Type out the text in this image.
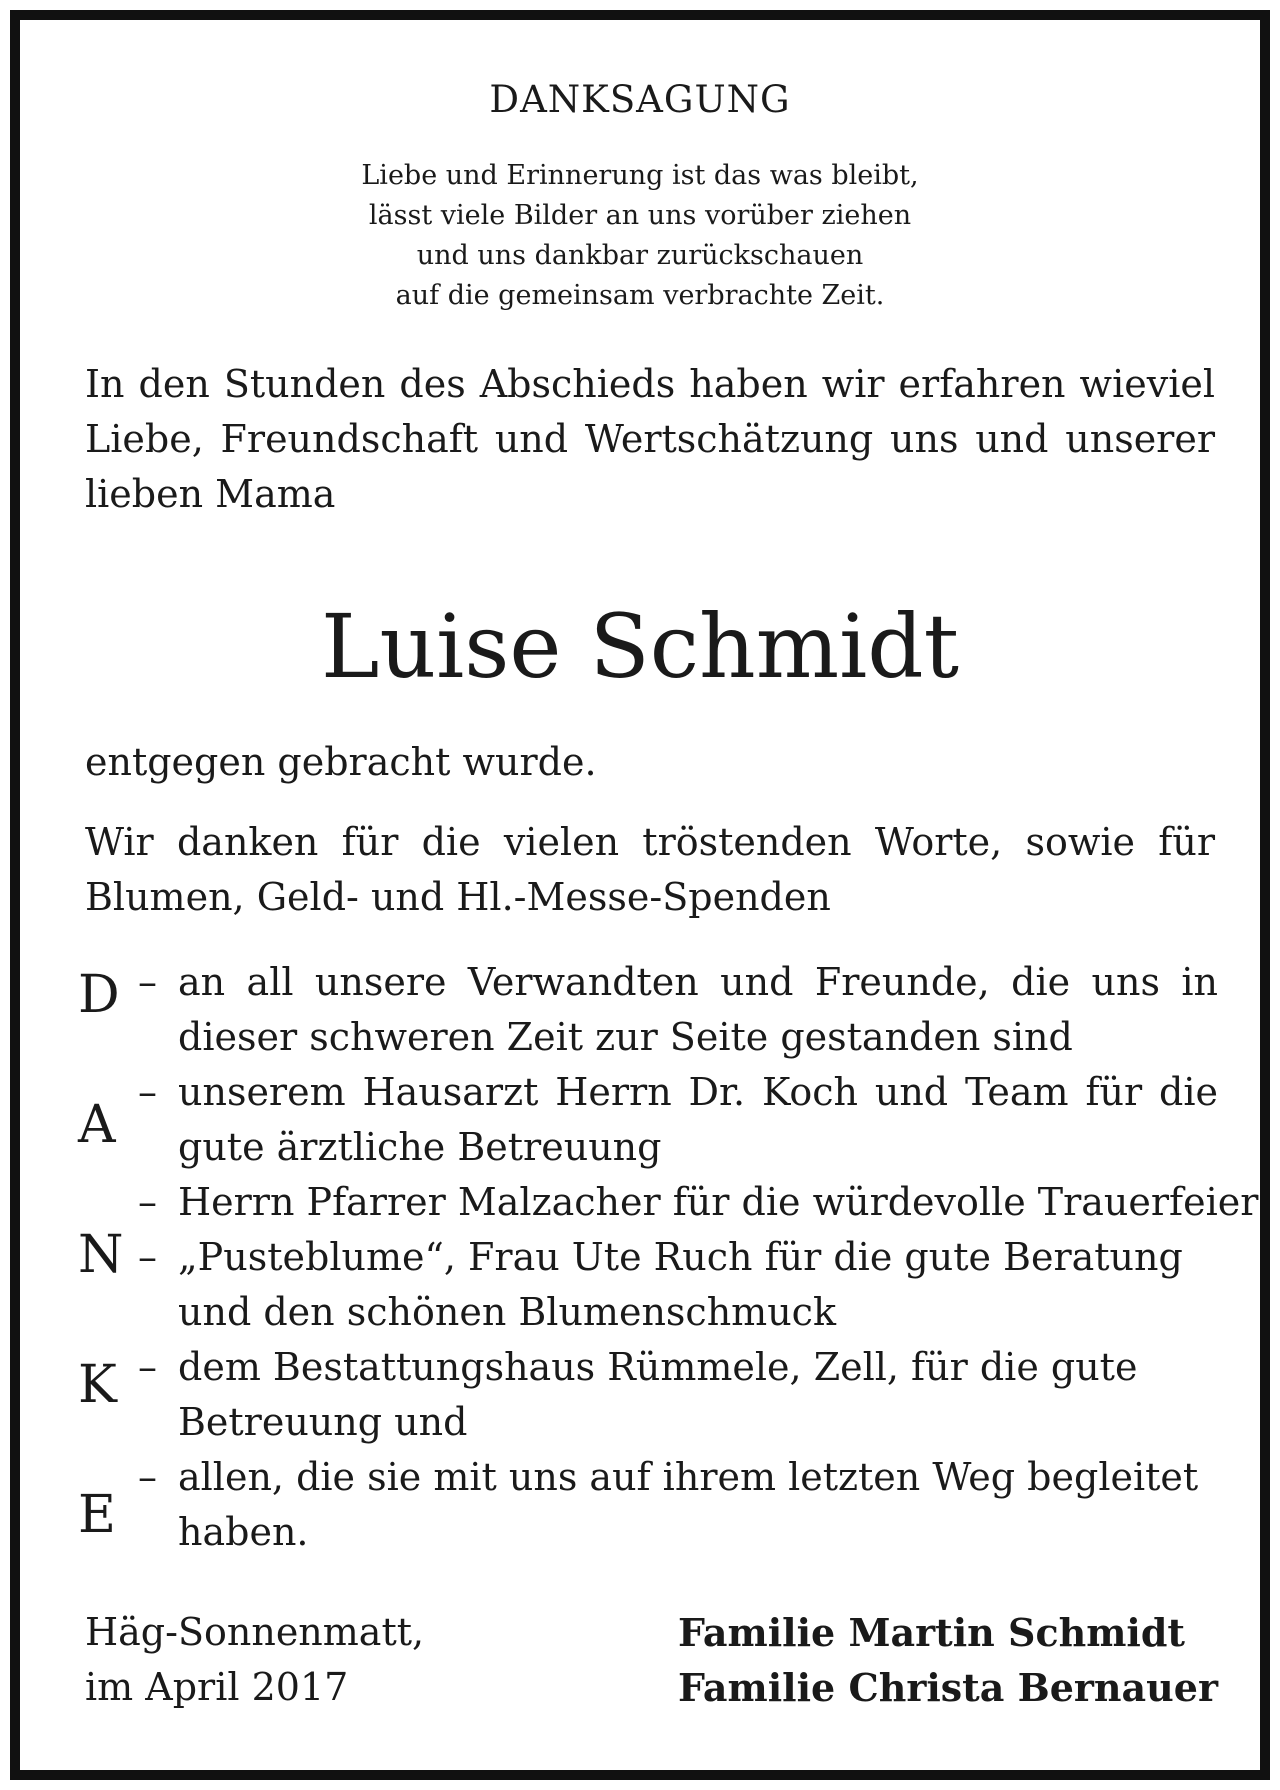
DANKSAGUNG
Liebe und Erinnerung ist das was bleibt,
lässt viele Bilder an uns vorüber ziehen
und uns dankbar zurückschauen
auf die gemeinsam verbrachte Zeit.
In den Stunden des Abschieds haben wir erfahren wieviel
Liebe, Freundschaft und Wertschätzung uns und unserer
lieben Mama
Luise Schmidt
entgegen gebracht wurde.
Wir danken für die vielen tröstenden Worte, sowie für
Blumen, Geld- und Hl.-Messe-Spenden
D
A
N
K
E
–
–
–
–
–
–
an all unsere Verwandten und Freunde, die uns in
dieser schweren Zeit zur Seite gestanden sind
unserem Hausarzt Herrn Dr. Koch und Team für die
gute ärztliche Betreuung
Herrn Pfarrer Malzacher für die würdevolle Trauerfeier
„Pusteblume“, Frau Ute Ruch für die gute Beratung
und den schönen Blumenschmuck
dem Bestattungshaus Rümmele, Zell, für die gute
Betreuung und
allen, die sie mit uns auf ihrem letzten Weg begleitet
haben.
Häg-Sonnenmatt,
im April 2017
Familie Martin Schmidt
Familie Christa Bernauer
